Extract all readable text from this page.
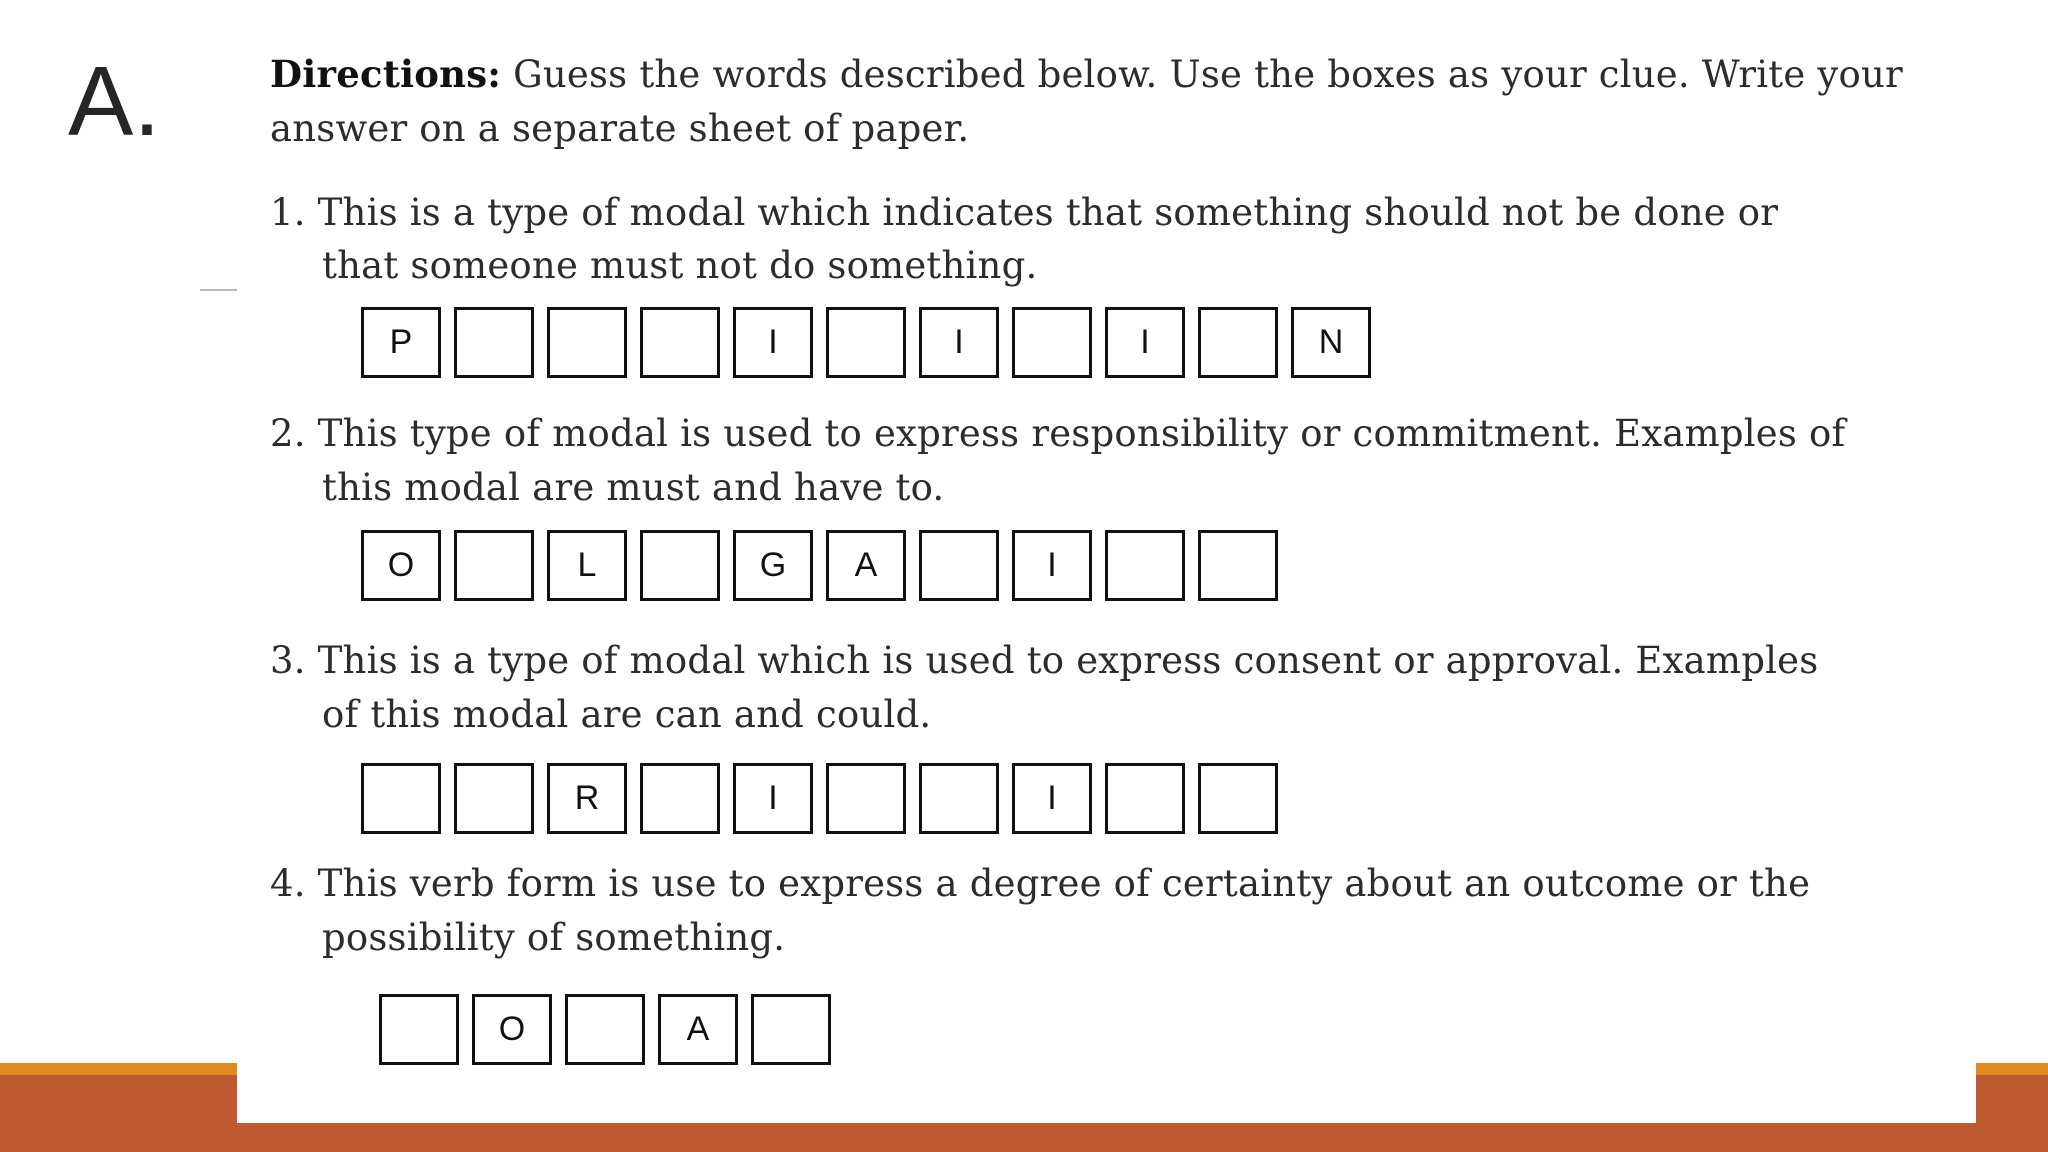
A.	Directions: Guess the words described below. Use the boxes as your clue. Write your
answer on a separate sheet of paper.

1. This is a type of modal which indicates that something should not be done or

that someone must not do something.

P	I	I	I	N

2. This type of modal is used to express responsibility or commitment. Examples of

this modal are must and have to.

O	L	G	A	I

3. This is a type of modal which is used to express consent or approval. Examples

of this modal are can and could.

R	I	I

4. This verb form is use to express a degree of certainty about an outcome or the

possibility of something.

O	A
